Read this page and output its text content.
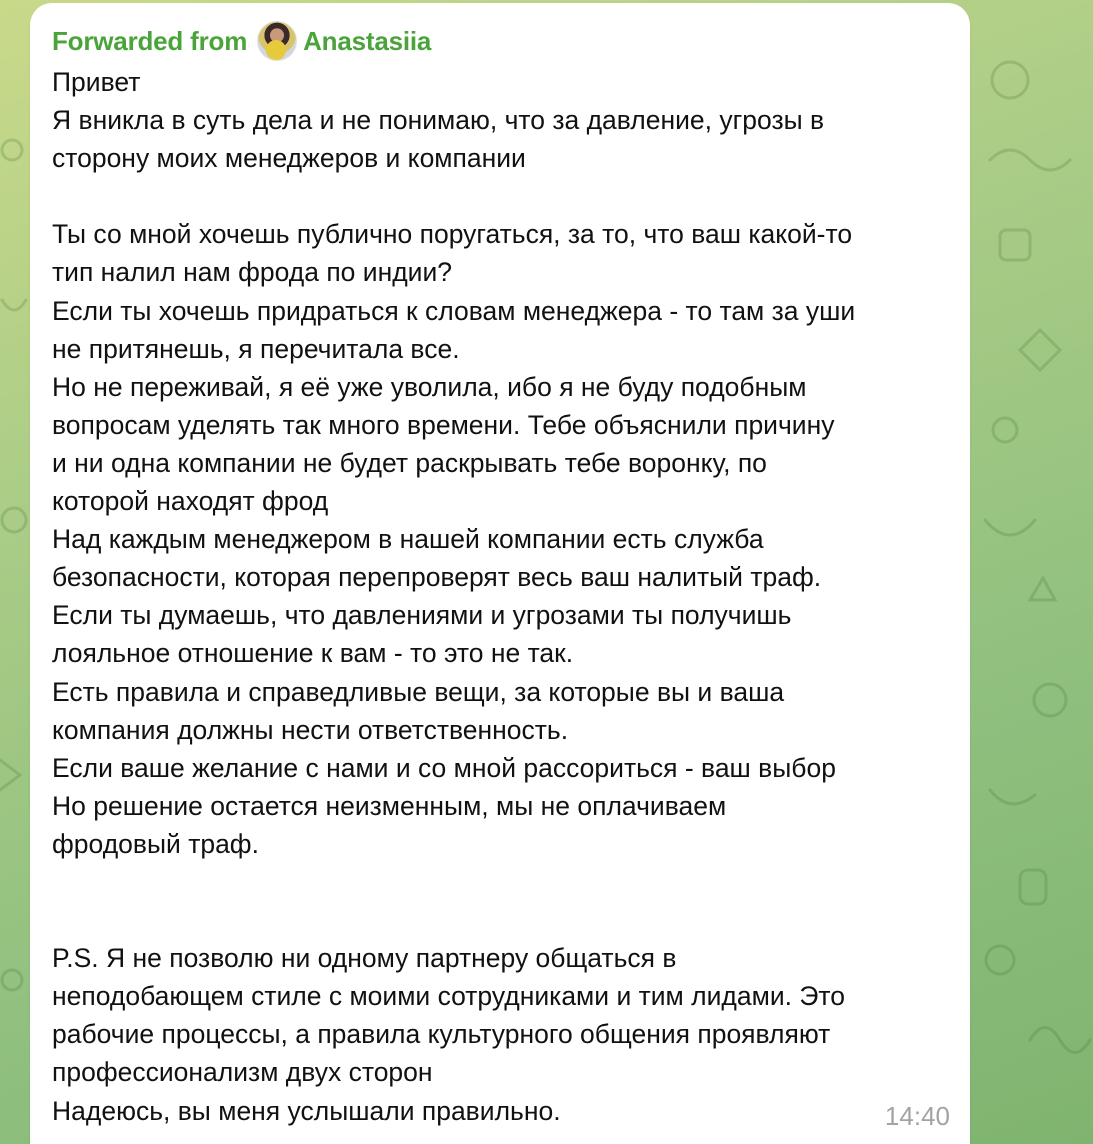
Forwarded from Anastasiia
Привет
Я вникла в суть дела и не понимаю, что за давление, угрозы в
сторону моих менеджеров и компании
Ты со мной хочешь публично поругаться, за то, что ваш какой-то
тип налил нам фрода по индии?
Если ты хочешь придраться к словам менеджера - то там за уши
не притянешь, я перечитала все.
Но не переживай, я её уже уволила, ибо я не буду подобным
вопросам уделять так много времени. Тебе объяснили причину
и ни одна компании не будет раскрывать тебе воронку, по
которой находят фрод
Над каждым менеджером в нашей компании есть служба
безопасности, которая перепроверят весь ваш налитый траф.
Если ты думаешь, что давлениями и угрозами ты получишь
лояльное отношение к вам - то это не так.
Есть правила и справедливые вещи, за которые вы и ваша
компания должны нести ответственность.
Если ваше желание с нами и со мной рассориться - ваш выбор
Но решение остается неизменным, мы не оплачиваем
фродовый траф.
P.S. Я не позволю ни одному партнеру общаться в
неподобающем стиле с моими сотрудниками и тим лидами. Это
рабочие процессы, а правила культурного общения проявляют
профессионализм двух сторон
Надеюсь, вы меня услышали правильно.	14:40
